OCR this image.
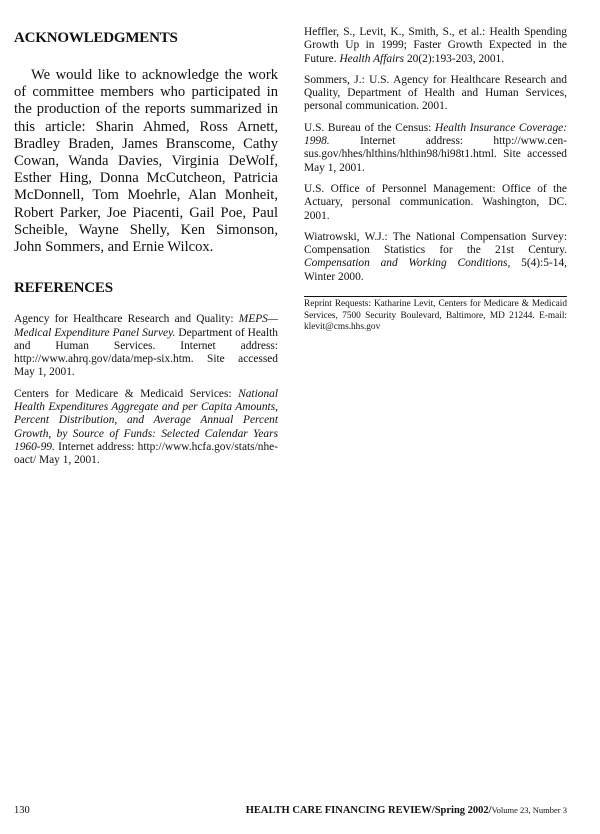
ACKNOWLEDGMENTS

We would like to acknowledge the work of committee members who participated in the production of the reports summarized in this article: Sharin Ahmed, Ross Arnett, Bradley Braden, James Branscome, Cathy Cowan, Wanda Davies, Virginia DeWolf, Esther Hing, Donna McCutcheon, Patricia McDonnell, Tom Moehrle, Alan Monheit, Robert Parker, Joe Piacenti, Gail Poe, Paul Scheible, Wayne Shelly, Ken Simonson, John Sommers, and Ernie Wilcox.

REFERENCES

Agency for Healthcare Research and Quality: MEPS—Medical Expenditure Panel Survey. Department of Health and Human Services. Internet address: http://www.ahrq.gov/data/mep-six.htm. Site accessed May 1, 2001.

Centers for Medicare & Medicaid Services: National Health Expenditures Aggregate and per Capita Amounts, Percent Distribution, and Average Annual Percent Growth, by Source of Funds: Selected Calendar Years 1960-99. Internet address: http://www.hcfa.gov/stats/nhe-oact/ May 1, 2001.

Heffler, S., Levit, K., Smith, S., et al.: Health Spending Growth Up in 1999; Faster Growth Expected in the Future. Health Affairs 20(2):193-203, 2001.

Sommers, J.: U.S. Agency for Healthcare Research and Quality, Department of Health and Human Services, personal communication. 2001.

U.S. Bureau of the Census: Health Insurance Coverage: 1998. Internet address: http://www.cen-sus.gov/hhes/hlthins/hlthin98/hi98t1.html. Site accessed May 1, 2001.

U.S. Office of Personnel Management: Office of the Actuary, personal communication. Washington, DC. 2001.

Wiatrowski, W.J.: The National Compensation Survey: Compensation Statistics for the 21st Century. Compensation and Working Conditions, 5(4):5-14, Winter 2000.

Reprint Requests: Katharine Levit, Centers for Medicare & Medicaid Services, 7500 Security Boulevard, Baltimore, MD 21244. E-mail: klevit@cms.hhs.gov

130	HEALTH CARE FINANCING REVIEW/Spring 2002/Volume 23, Number 3
